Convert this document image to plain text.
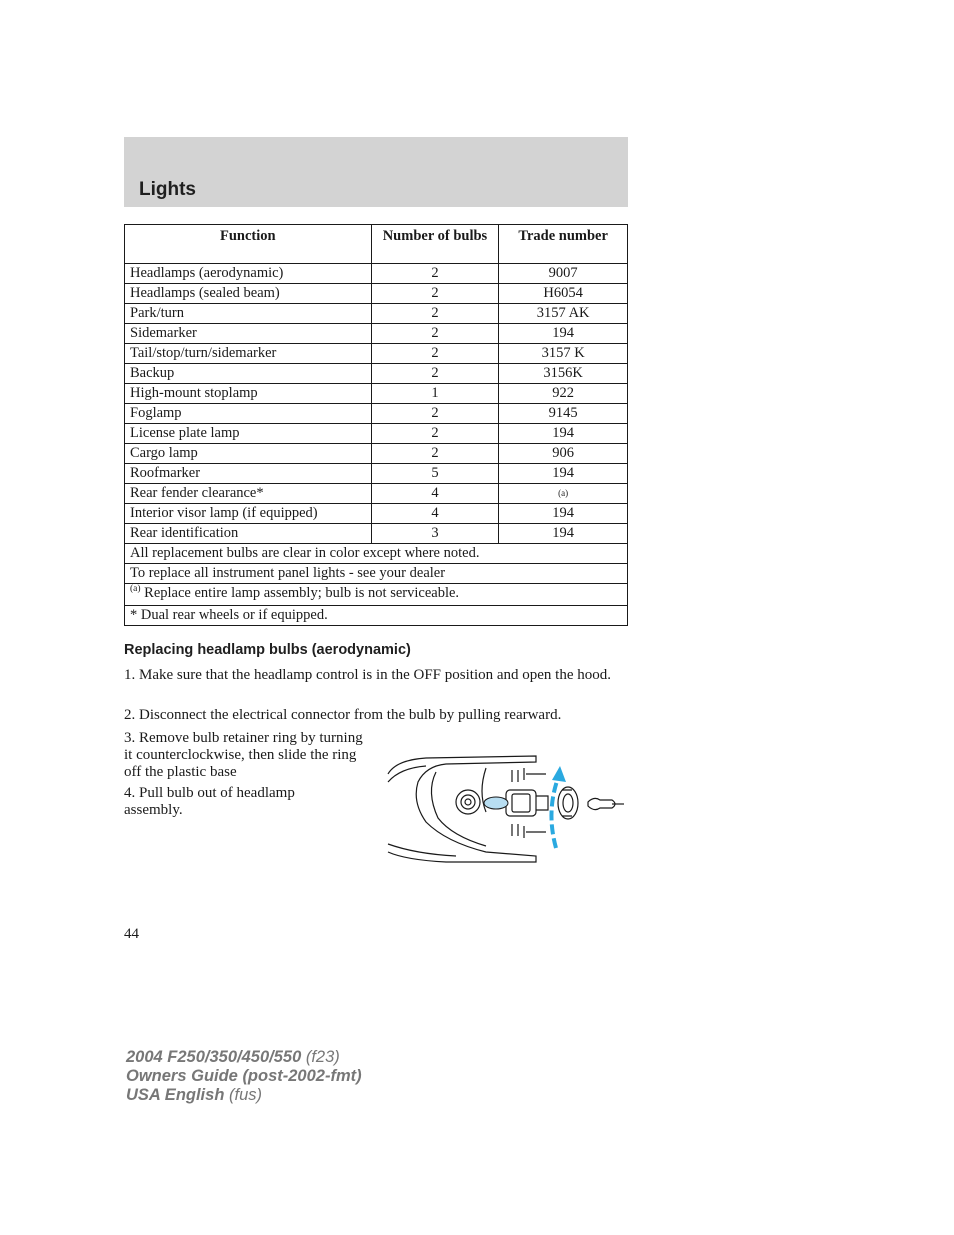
Lights
Function	Number of bulbs	Trade number
Headlamps (aerodynamic)	2	9007
Headlamps (sealed beam)	2	H6054
Park/turn	2	3157 AK
Sidemarker	2	194
Tail/stop/turn/sidemarker	2	3157 K
Backup	2	3156K
High-mount stoplamp	1	922
Foglamp	2	9145
License plate lamp	2	194
Cargo lamp	2	906
Roofmarker	5	194
Rear fender clearance*	4	(a)
Interior visor lamp (if equipped)	4	194
Rear identification	3	194
All replacement bulbs are clear in color except where noted.		
To replace all instrument panel lights - see your dealer		
$^{(a)}$ Replace entire lamp assembly; bulb is not serviceable.		
* Dual rear wheels or if equipped.		
Replacing headlamp bulbs (aerodynamic)

1. Make sure that the headlamp control is in the OFF position and open the hood.

2. Disconnect the electrical connector from the bulb by pulling rearward.

3. Remove bulb retainer ring by turning it counterclockwise, then slide the ring off the plastic base

4. Pull bulb out of headlamp assembly.

44
2004 F250/350/450/550 (f23)
Owners Guide (post-2002-fmt)
USA English (fus)
